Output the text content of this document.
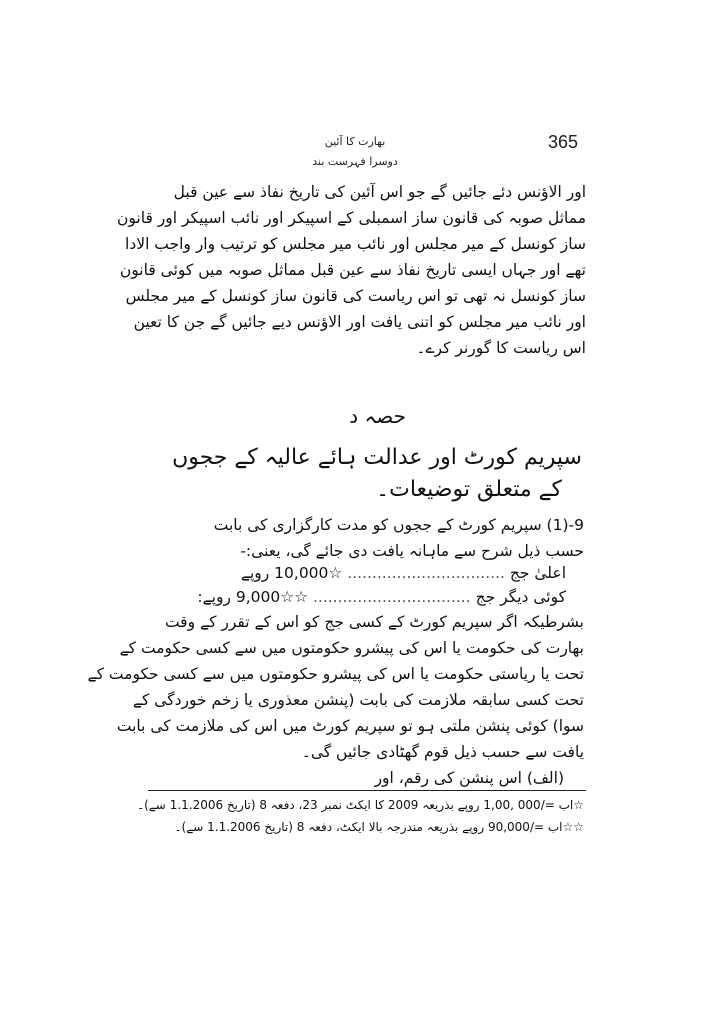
365
بھارت کا آئین
دوسرا فہرست بند
اور الاؤنس دئے جائیں گے جو اس آئین کی تاریخ نفاذ سے عین قبل
مماثل صوبہ کی قانون ساز اسمبلی کے اسپیکر اور نائب اسپیکر اور قانون
ساز کونسل کے میر مجلس اور نائب میر مجلس کو ترتیب وار واجب الادا
تھے اور جہاں ایسی تاریخ نفاذ سے عین قبل مماثل صوبہ میں کوئی قانون
ساز کونسل نہ تھی تو اس ریاست کی قانون ساز کونسل کے میر مجلس
اور نائب میر مجلس کو اتنی یافت اور الاؤنس دیے جائیں گے جن کا تعین
اس ریاست کا گورنر کرے۔
حصہ د
سپریم کورٹ اور عدالت ہائے عالیہ کے ججوں
کے متعلق توضیعات۔
9-(1) سپریم کورٹ کے ججوں کو مدت کارگزاری کی بابت
حسب ذیل شرح سے ماہانہ یافت دی جائے گی، یعنی:-
اعلیٰ جج ................................ ☆10,000 روپے
کوئی دیگر جج ................................ ☆☆9,000 روپے:
بشرطیکہ اگر سپریم کورٹ کے کسی جج کو اس کے تقرر کے وقت
بھارت کی حکومت یا اس کی پیشرو حکومتوں میں سے کسی حکومت کے
تحت یا ریاستی حکومت یا اس کی پیشرو حکومتوں میں سے کسی حکومت کے
تحت کسی سابقہ ملازمت کی بابت (پنشن معذوری یا زخم خوردگی کے
سوا) کوئی پنشن ملتی ہو تو سپریم کورٹ میں اس کی ملازمت کی بابت
یافت سے حسب ذیل قوم گھٹادی جائیں گی۔
(الف) اس پنشن کی رقم، اور
☆اب =/000 ,1,00 روپے بذریعہ 2009 کا ایکٹ نمبر 23، دفعہ 8 (تاریخ 1.1.2006 سے)۔
☆☆اب =/90,000 روپے بذریعہ مندرجہ بالا ایکٹ، دفعہ 8 (تاریخ 1.1.2006 سے)۔
